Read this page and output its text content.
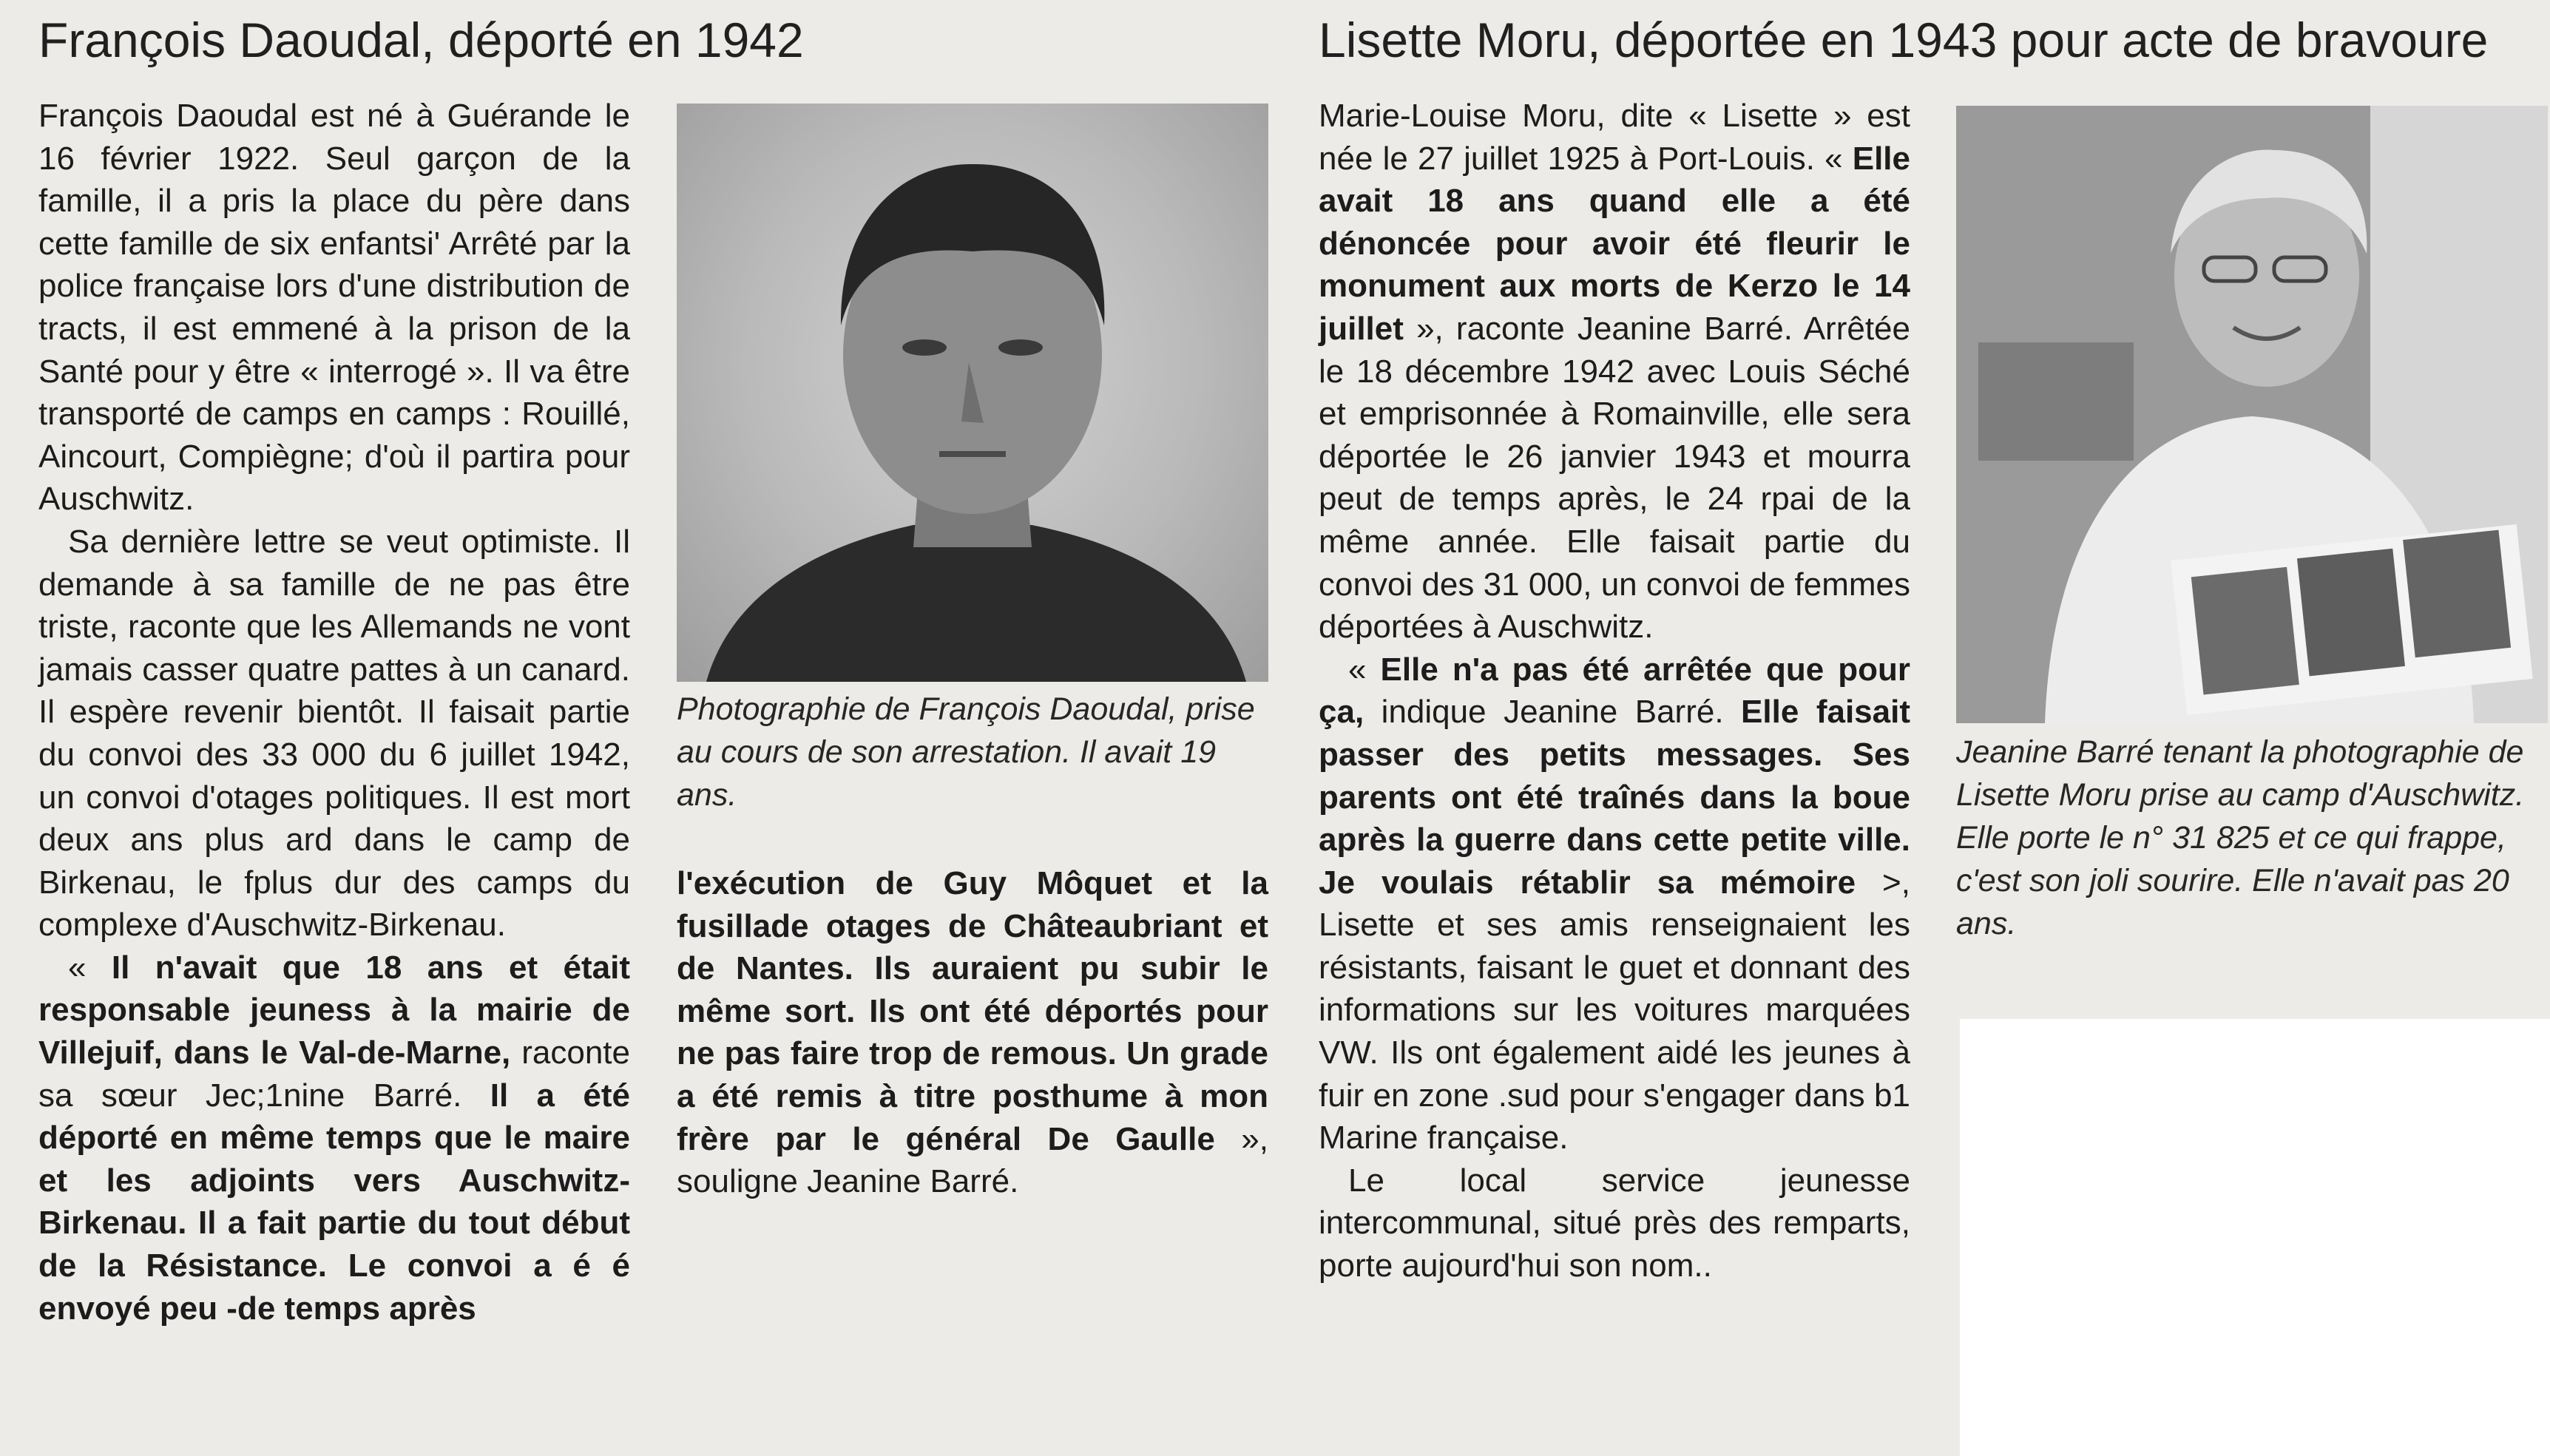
François Daoudal, déporté en 1942

François Daoudal est né à Guérande le 16 février 1922. Seul garçon de la famille, il a pris la place du père dans cette famille de six enfantsi' Arrêté par la police française lors d'une distribution de tracts, il est emmené à la prison de la Santé pour y être « interrogé ». Il va être transporté de camps en camps : Rouillé, Aincourt, Compiègne; d'où il partira pour Auschwitz.

Sa dernière lettre se veut optimiste. Il demande à sa famille de ne pas être triste, raconte que les Allemands ne vont jamais casser quatre pattes à un canard. Il espère revenir bientôt. Il faisait partie du convoi des 33 000 du 6 juillet 1942, un convoi d'otages politiques. Il est mort deux ans plus ard dans le camp de Birkenau, le fplus dur des camps du complexe d'Auschwitz-Birkenau.

« Il n'avait que 18 ans et était responsable jeuness à la mairie de Villejuif, dans le Val-de-Marne, raconte sa sœur Jec;1nine Barré. Il a été déporté en même temps que le maire et les adjoints vers Auschwitz-Birkenau. Il a fait partie du tout début de la Résistance. Le convoi a é é envoyé peu -de temps après

Photographie de François Daoudal, prise au cours de son arrestation. Il avait 19 ans.

l'exécution de Guy Môquet et la fusillade otages de Châteaubriant et de Nantes. Ils auraient pu subir le même sort. Ils ont été déportés pour ne pas faire trop de remous. Un grade a été remis à titre posthume à mon frère par le général De Gaulle », souligne Jeanine Barré.

Lisette Moru, déportée en 1943 pour acte de bravoure

Marie-Louise Moru, dite « Lisette » est née le 27 juillet 1925 à Port-Louis. « Elle avait 18 ans quand elle a été dénoncée pour avoir été fleurir le monument aux morts de Kerzo le 14 juillet », raconte Jeanine Barré. Arrêtée le 18 décembre 1942 avec Louis Séché et emprisonnée à Romainville, elle sera déportée le 26 janvier 1943 et mourra peut de temps après, le 24 rpai de la même année. Elle faisait partie du convoi des 31 000, un convoi de femmes déportées à Auschwitz.

« Elle n'a pas été arrêtée que pour ça, indique Jeanine Barré. Elle faisait passer des petits messages. Ses parents ont été traînés dans la boue après la guerre dans cette petite ville. Je voulais rétablir sa mémoire >, Lisette et ses amis renseignaient les résistants, faisant le guet et donnant des informations sur les voitures marquées VW. Ils ont également aidé les jeunes à fuir en zone .sud pour s'engager dans b1 Marine française.

Le local service jeunesse intercommunal, situé près des remparts, porte aujourd'hui son nom..

Jeanine Barré tenant la photographie de Lisette Moru prise au camp d'Auschwitz. Elle porte le n° 31 825 et ce qui frappe, c'est son joli sourire. Elle n'avait pas 20 ans.
